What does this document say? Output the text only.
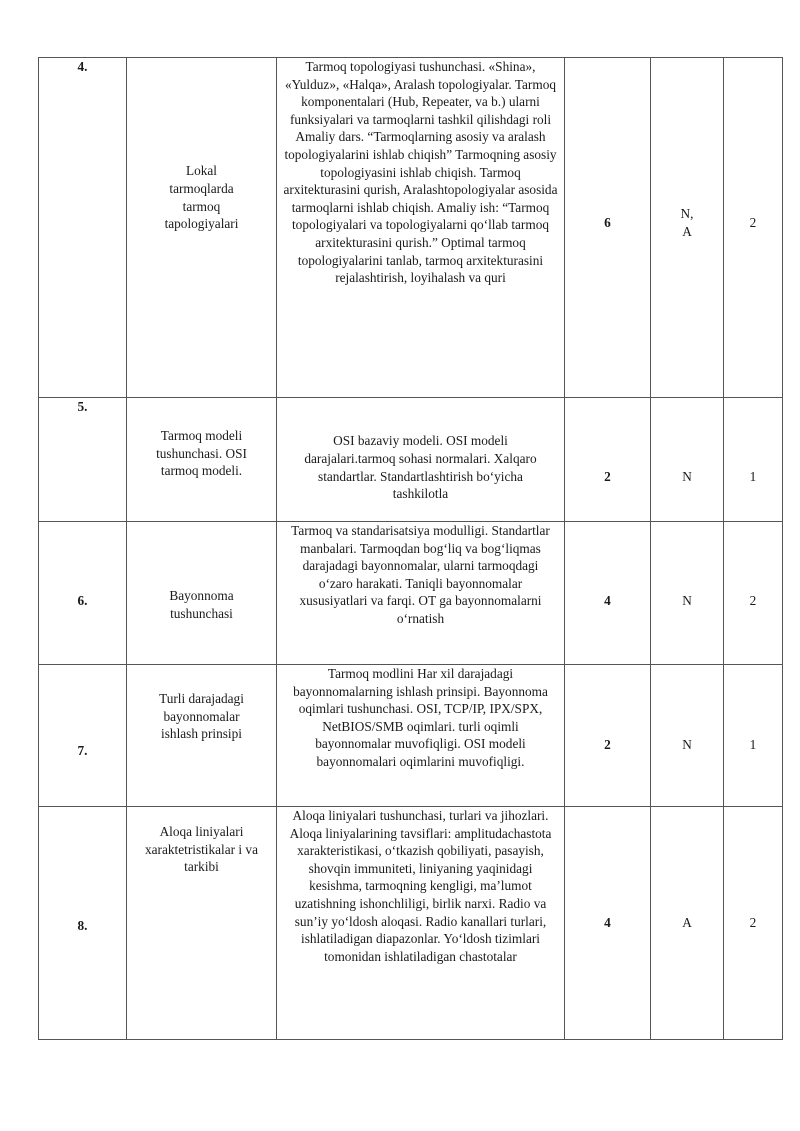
4.	Lokal tarmoqlarda tarmoq tapologiyalari	Tarmoq topologiyasi tushunchasi. «Shina», «Yulduz», «Halqa», Aralash topologiyalar. Tarmoq komponentalari (Hub, Repeater, va b.) ularni funksiyalari va tarmoqlarni tashkil qilishdagi roli Amaliy dars. “Tarmoqlarning asosiy va aralash topologiyalarini ishlab chiqish” Tarmoqning asosiy topologiyasini ishlab chiqish. Tarmoq arxitekturasini qurish, Aralashtopologiyalar asosida tarmoqlarni ishlab chiqish. Amaliy ish: “Tarmoq topologiyalari va topologiyalarni qo‘llab tarmoq arxitekturasini qurish.” Optimal tarmoq topologiyalarini tanlab, tarmoq arxitekturasini rejalashtirish, loyihalash va quri	6	N,
A	2

5.	Tarmoq modeli tushunchasi. OSI tarmoq modeli.	OSI bazaviy modeli. OSI modeli darajalari.tarmoq sohasi normalari. Xalqaro standartlar. Standartlashtirish bo‘yicha tashkilotla	2	N	1

6.	Bayonnoma tushunchasi	Tarmoq va standarisatsiya modulligi. Standartlar manbalari. Tarmoqdan bog‘liq va bog‘liqmas darajadagi bayonnomalar, ularni tarmoqdagi o‘zaro harakati. Taniqli bayonnomalar xususiyatlari va farqi. OT ga bayonnomalarni o‘rnatish	4	N	2

7.	Turli darajadagi bayonnomalar ishlash prinsipi	Tarmoq modlini Har xil darajadagi bayonnomalarning ishlash prinsipi. Bayonnoma oqimlari tushunchasi. OSI, TCP/IP, IPX/SPX, NetBIOS/SMB oqimlari. turli oqimli bayonnomalar muvofiqligi. OSI modeli bayonnomalari oqimlarini muvofiqligi.	2	N	1

8.	Aloqa liniyalari xaraktetristikalar i va tarkibi	Aloqa liniyalari tushunchasi, turlari va jihozlari. Aloqa liniyalarining tavsiflari: amplitudachastota xarakteristikasi, o‘tkazish qobiliyati, pasayish, shovqin immuniteti, liniyaning yaqinidagi kesishma, tarmoqning kengligi, ma’lumot uzatishning ishonchliligi, birlik narxi. Radio va sun’iy yo‘ldosh aloqasi. Radio kanallari turlari, ishlatiladigan diapazonlar. Yo‘ldosh tizimlari tomonidan ishlatiladigan chastotalar	4	A	2
